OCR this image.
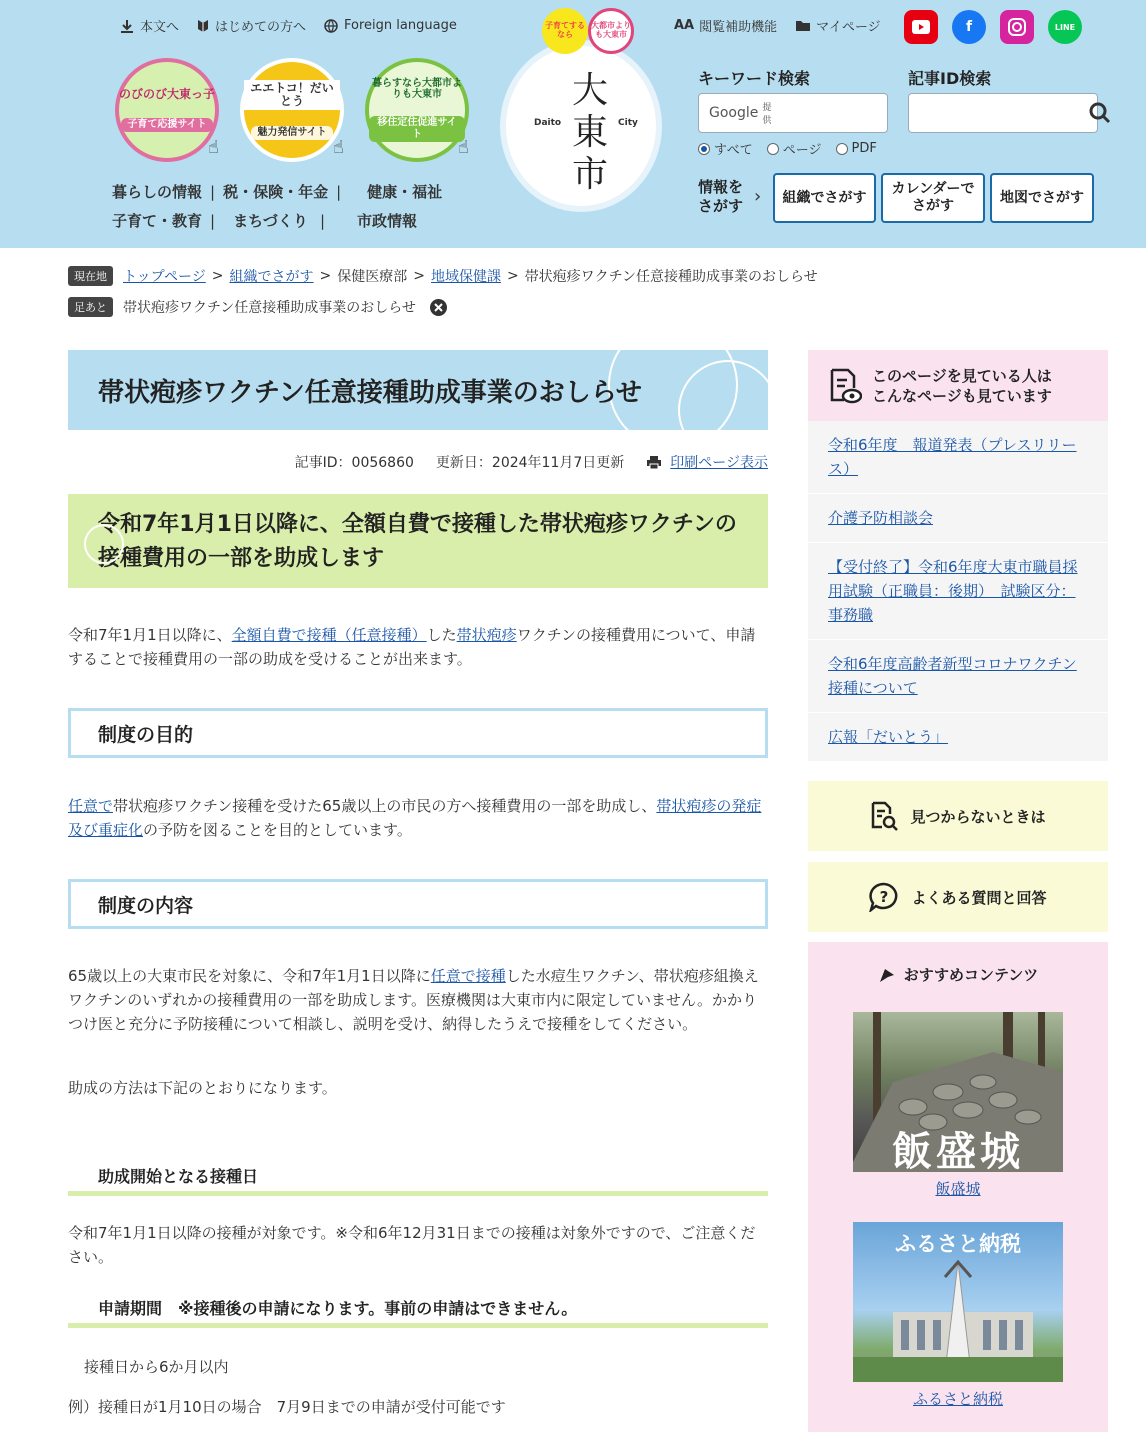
本文へ	はじめての方へ	Foreign language
のびのび大東っ子
子育て応援サイト
☝
エエトコ！だいとう
魅力発信サイト
☝
暮らすなら大都市よりも大東市
移住定住促進サイト
☝
暮らしの情報 | 税・保険・年金 | 健康・福祉
子育て・教育 | まちづくり | 市政情報
大東市
Daito	City
子育てするなら
大都市よりも大東市
AA 閲覧補助機能	マイページ	f	LINE
キーワード検索	記事ID検索
Google 提供
すべて ページ PDF
情報を
さがす ›	組織でさがす
カレンダーで
さがす
地図でさがす
現在地	トップページ > 組織でさがす > 保健医療部 > 地域保健課 > 帯状疱疹ワクチン任意接種助成事業のおしらせ
足あと	帯状疱疹ワクチン任意接種助成事業のおしらせ
帯状疱疹ワクチン任意接種助成事業のおしらせ
記事ID：0056860 更新日：2024年11月7日更新	印刷ページ表示
令和7年1月1日以降に、全額自費で接種した帯状疱疹ワクチンの接種費用の一部を助成します
令和7年1月1日以降に、全額自費で接種（任意接種）した帯状疱疹ワクチンの接種費用について、申請することで接種費用の一部の助成を受けることが出来ます。
制度の目的
任意で帯状疱疹ワクチン接種を受けた65歳以上の市民の方へ接種費用の一部を助成し、帯状疱疹の発症及び重症化の予防を図ることを目的としています。
制度の内容
65歳以上の大東市民を対象に、令和7年1月1日以降に任意で接種した水痘生ワクチン、帯状疱疹組換えワクチンのいずれかの接種費用の一部を助成します。医療機関は大東市内に限定していません。かかりつけ医と充分に予防接種について相談し、説明を受け、納得したうえで接種をしてください。
助成の方法は下記のとおりになります。
助成開始となる接種日
令和7年1月1日以降の接種が対象です。※令和6年12月31日までの接種は対象外ですので、ご注意ください。
申請期間　※接種後の申請になります。事前の申請はできません。
接種日から6か月以内
例）接種日が1月10日の場合　7月9日までの申請が受付可能です
このページを見ている人は
こんなページも見ています
令和6年度　報道発表（プレスリリース）
介護予防相談会
【受付終了】令和6年度大東市職員採用試験（正職員：後期）　試験区分：事務職
令和6年度高齢者新型コロナワクチン接種について
広報「だいとう」
見つからないときは
? よくある質問と回答
おすすめコンテンツ
飯盛城
飯盛城
ふるさと納税
ふるさと納税
